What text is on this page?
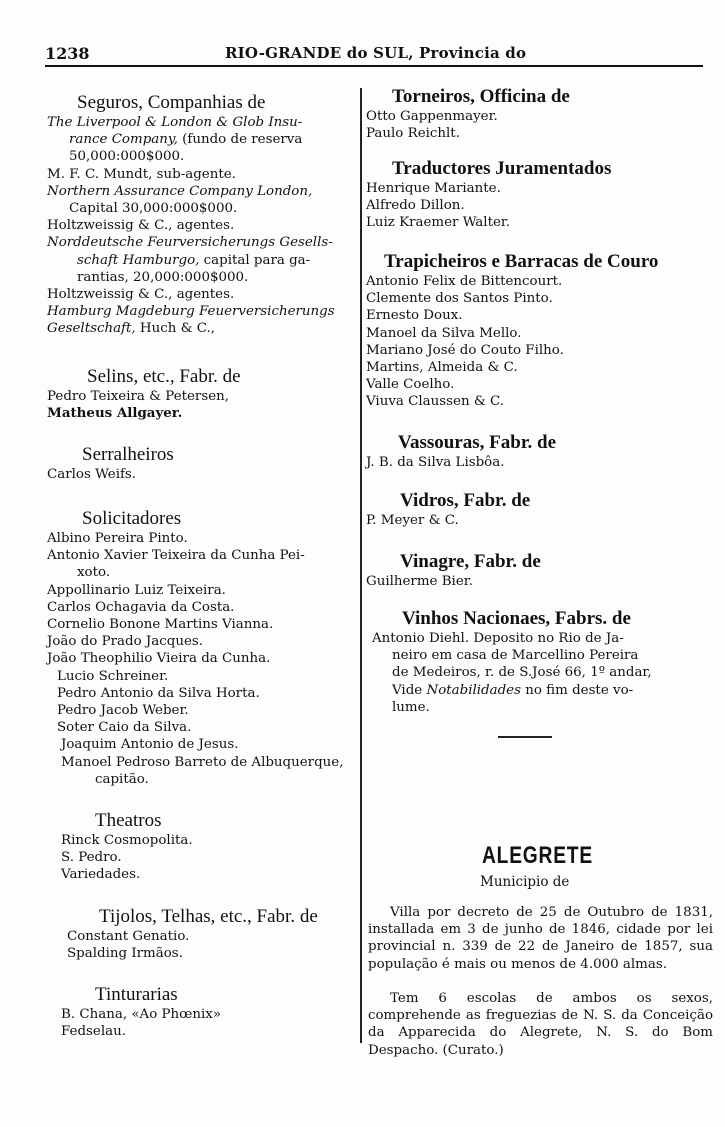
1238	RIO-GRANDE do SUL, Provincia do
Seguros, Companhias de
The Liverpool & London & Glob Insu-
rance Company, (fundo de reserva
50,000:000$000.
M. F. C. Mundt, sub-agente.
Northern Assurance Company London,
Capital 30,000:000$000.
Holtzweissig & C., agentes.
Norddeutsche Feurversicherungs Gesells-
schaft Hamburgo, capital para ga-
rantias, 20,000:000$000.
Holtzweissig & C., agentes.
Hamburg Magdeburg Feuerversicherungs
Geseltschaft, Huch & C.,
Selins, etc., Fabr. de
Pedro Teixeira & Petersen,
Matheus Allgayer.
Serralheiros
Carlos Weifs.
Solicitadores
Albino Pereira Pinto.
Antonio Xavier Teixeira da Cunha Pei-
xoto.
Appollinario Luiz Teixeira.
Carlos Ochagavia da Costa.
Cornelio Bonone Martins Vianna.
João do Prado Jacques.
João Theophilio Vieira da Cunha.
Lucio Schreiner.
Pedro Antonio da Silva Horta.
Pedro Jacob Weber.
Soter Caio da Silva.
Joaquim Antonio de Jesus.
Manoel Pedroso Barreto de Albuquerque,
capitão.
Theatros
Rinck Cosmopolita.
S. Pedro.
Variedades.
Tijolos, Telhas, etc., Fabr. de
Constant Genatio.
Spalding Irmãos.
Tinturarias
B. Chana, «Ao Phœnix»
Fedselau.
Torneiros, Officina de
Otto Gappenmayer.
Paulo Reichlt.
Traductores Juramentados
Henrique Mariante.
Alfredo Dillon.
Luiz Kraemer Walter.
Trapicheiros e Barracas de Couro
Antonio Felix de Bittencourt.
Clemente dos Santos Pinto.
Ernesto Doux.
Manoel da Silva Mello.
Mariano José do Couto Filho.
Martins, Almeida & C.
Valle Coelho.
Viuva Claussen & C.
Vassouras, Fabr. de
J. B. da Silva Lisbôa.
Vidros, Fabr. de
P. Meyer & C.
Vinagre, Fabr. de
Guilherme Bier.
Vinhos Nacionaes, Fabrs. de
Antonio Diehl. Deposito no Rio de Ja-
neiro em casa de Marcellino Pereira
de Medeiros, r. de S.José 66, 1º andar,
Vide Notabilidades no fim deste vo-
lume.
ALEGRETE
Municipio de
Villa por decreto de 25 de Outubro de 1831, installada em 3 de junho de 1846, cidade por lei provincial n. 339 de 22 de Janeiro de 1857, sua população é mais ou menos de 4.000 almas.
Tem 6 escolas de ambos os sexos, comprehende as freguezias de N. S. da Conceição da Apparecida do Alegrete, N. S. do Bom Despacho. (Curato.)
